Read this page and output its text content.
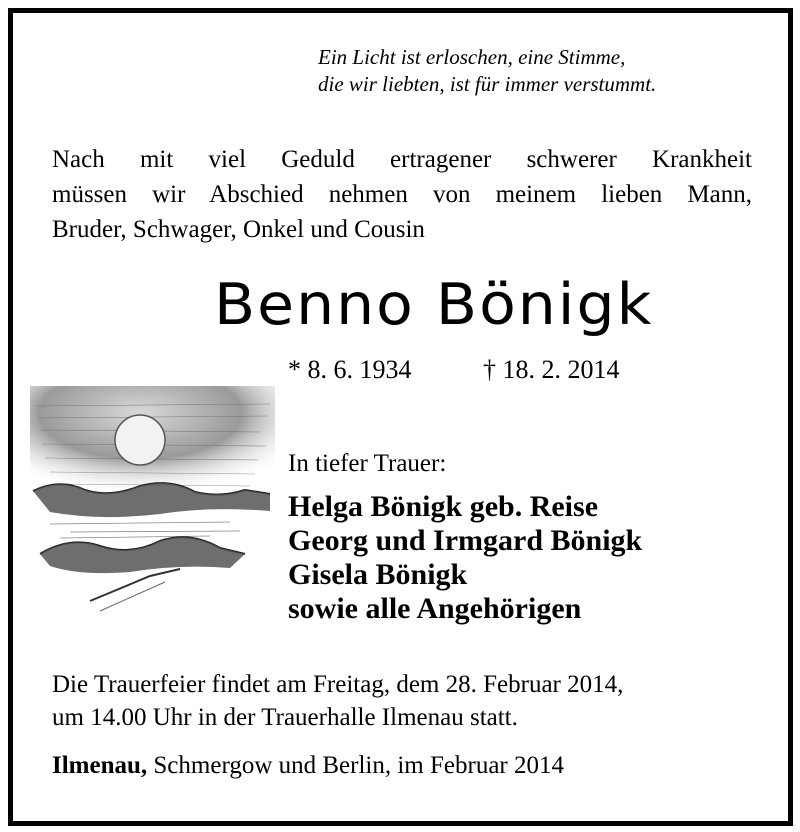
Ein Licht ist erloschen, eine Stimme,
die wir liebten, ist für immer verstummt.
Nach mit viel Geduld ertragener schwerer Krankheit
müssen wir Abschied nehmen von meinem lieben Mann,
Bruder, Schwager, Onkel und Cousin
Benno Bönigk
* 8. 6. 1934	† 18. 2. 2014
In tiefer Trauer:
Helga Bönigk geb. Reise
Georg und Irmgard Bönigk
Gisela Bönigk
sowie alle Angehörigen
Die Trauerfeier findet am Freitag, dem 28. Februar 2014,
um 14.00 Uhr in der Trauerhalle Ilmenau statt.
Ilmenau, Schmergow und Berlin, im Februar 2014
